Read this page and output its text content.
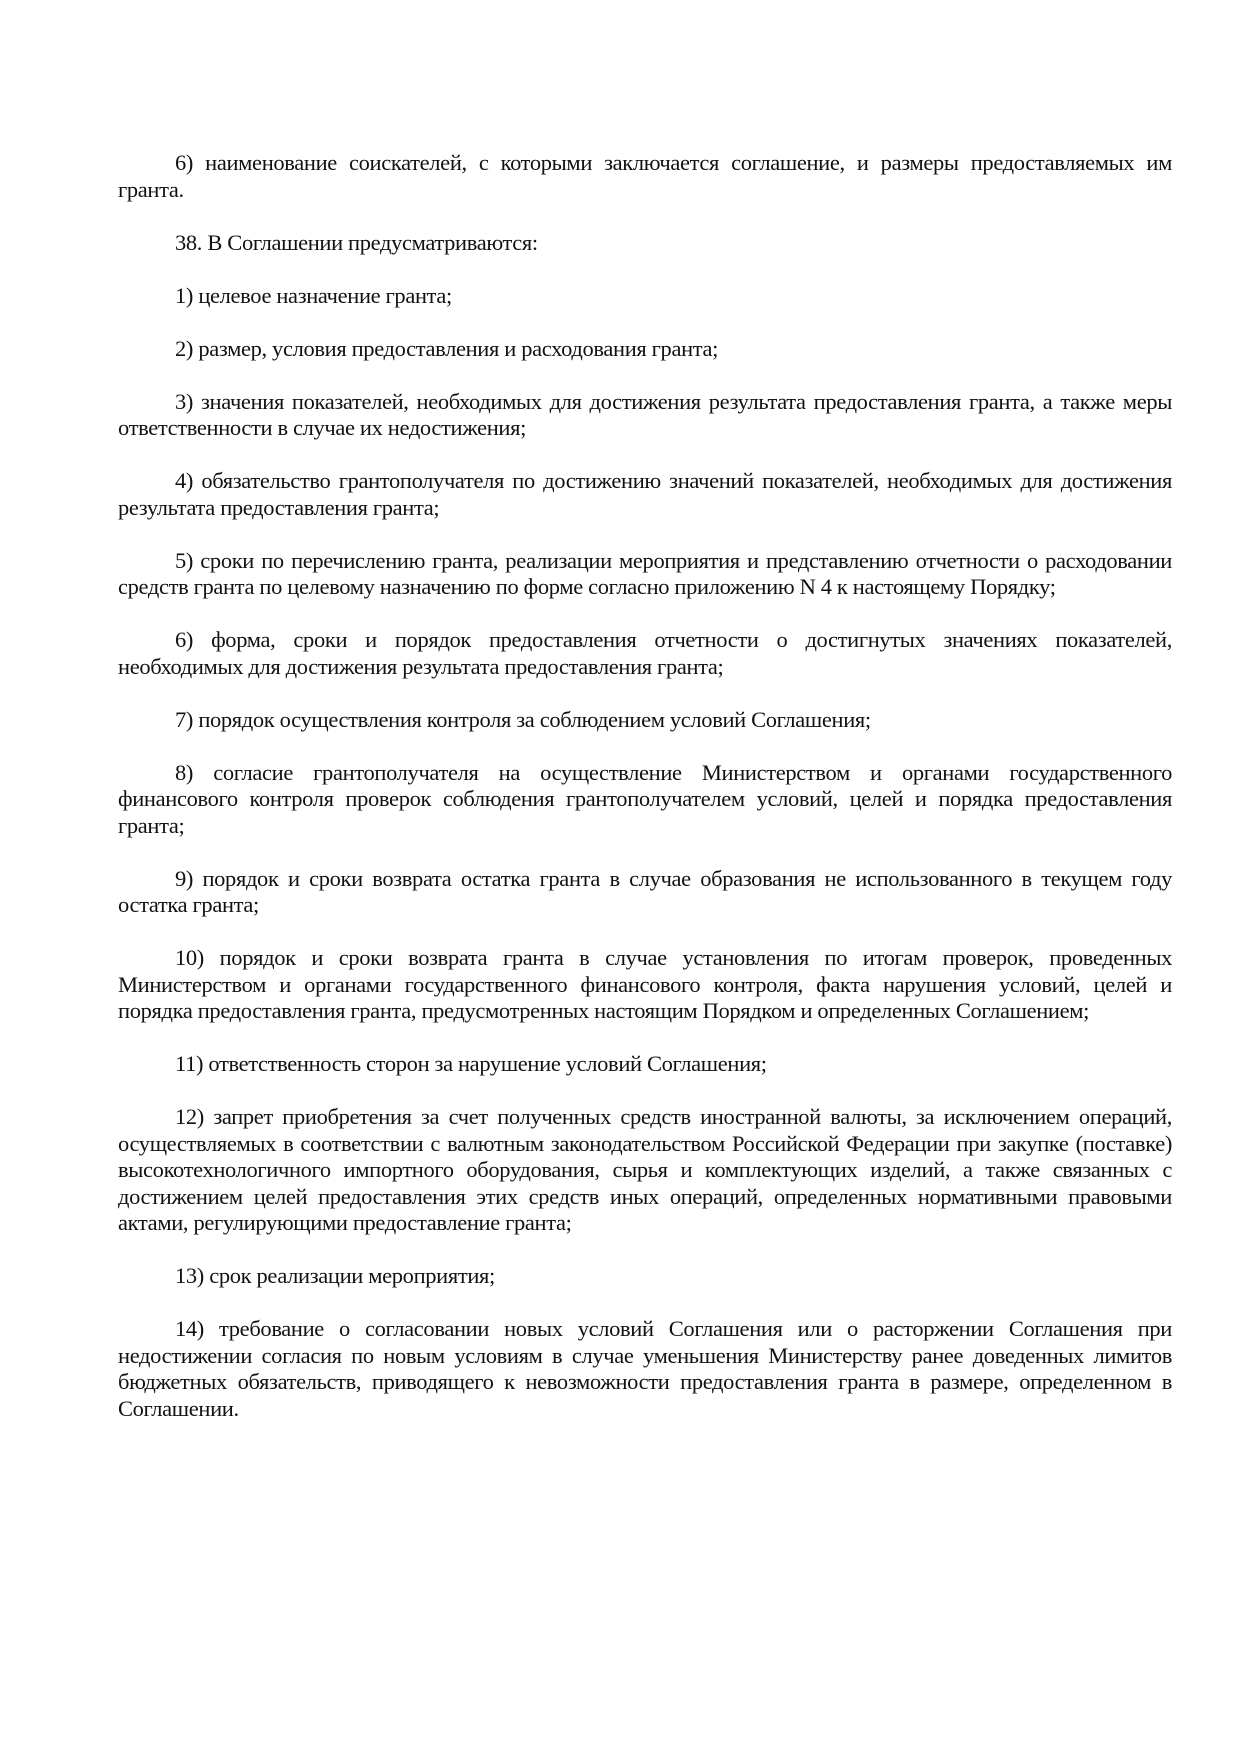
6) наименование соискателей, с которыми заключается соглашение, и размеры предоставляемых им гранта.

38. В Соглашении предусматриваются:

1) целевое назначение гранта;

2) размер, условия предоставления и расходования гранта;

3) значения показателей, необходимых для достижения результата предоставления гранта, а также меры ответственности в случае их недостижения;

4) обязательство грантополучателя по достижению значений показателей, необходимых для достижения результата предоставления гранта;

5) сроки по перечислению гранта, реализации мероприятия и представлению отчетности о расходовании средств гранта по целевому назначению по форме согласно приложению N 4 к настоящему Порядку;

6) форма, сроки и порядок предоставления отчетности о достигнутых значениях показателей, необходимых для достижения результата предоставления гранта;

7) порядок осуществления контроля за соблюдением условий Соглашения;

8) согласие грантополучателя на осуществление Министерством и органами государственного финансового контроля проверок соблюдения грантополучателем условий, целей и порядка предоставления гранта;

9) порядок и сроки возврата остатка гранта в случае образования не использованного в текущем году остатка гранта;

10) порядок и сроки возврата гранта в случае установления по итогам проверок, проведенных Министерством и органами государственного финансового контроля, факта нарушения условий, целей и порядка предоставления гранта, предусмотренных настоящим Порядком и определенных Соглашением;

11) ответственность сторон за нарушение условий Соглашения;

12) запрет приобретения за счет полученных средств иностранной валюты, за исключением операций, осуществляемых в соответствии с валютным законодательством Российской Федерации при закупке (поставке) высокотехнологичного импортного оборудования, сырья и комплектующих изделий, а также связанных с достижением целей предоставления этих средств иных операций, определенных нормативными правовыми актами, регулирующими предоставление гранта;

13) срок реализации мероприятия;

14) требование о согласовании новых условий Соглашения или о расторжении Соглашения при недостижении согласия по новым условиям в случае уменьшения Министерству ранее доведенных лимитов бюджетных обязательств, приводящего к невозможности предоставления гранта в размере, определенном в Соглашении.
